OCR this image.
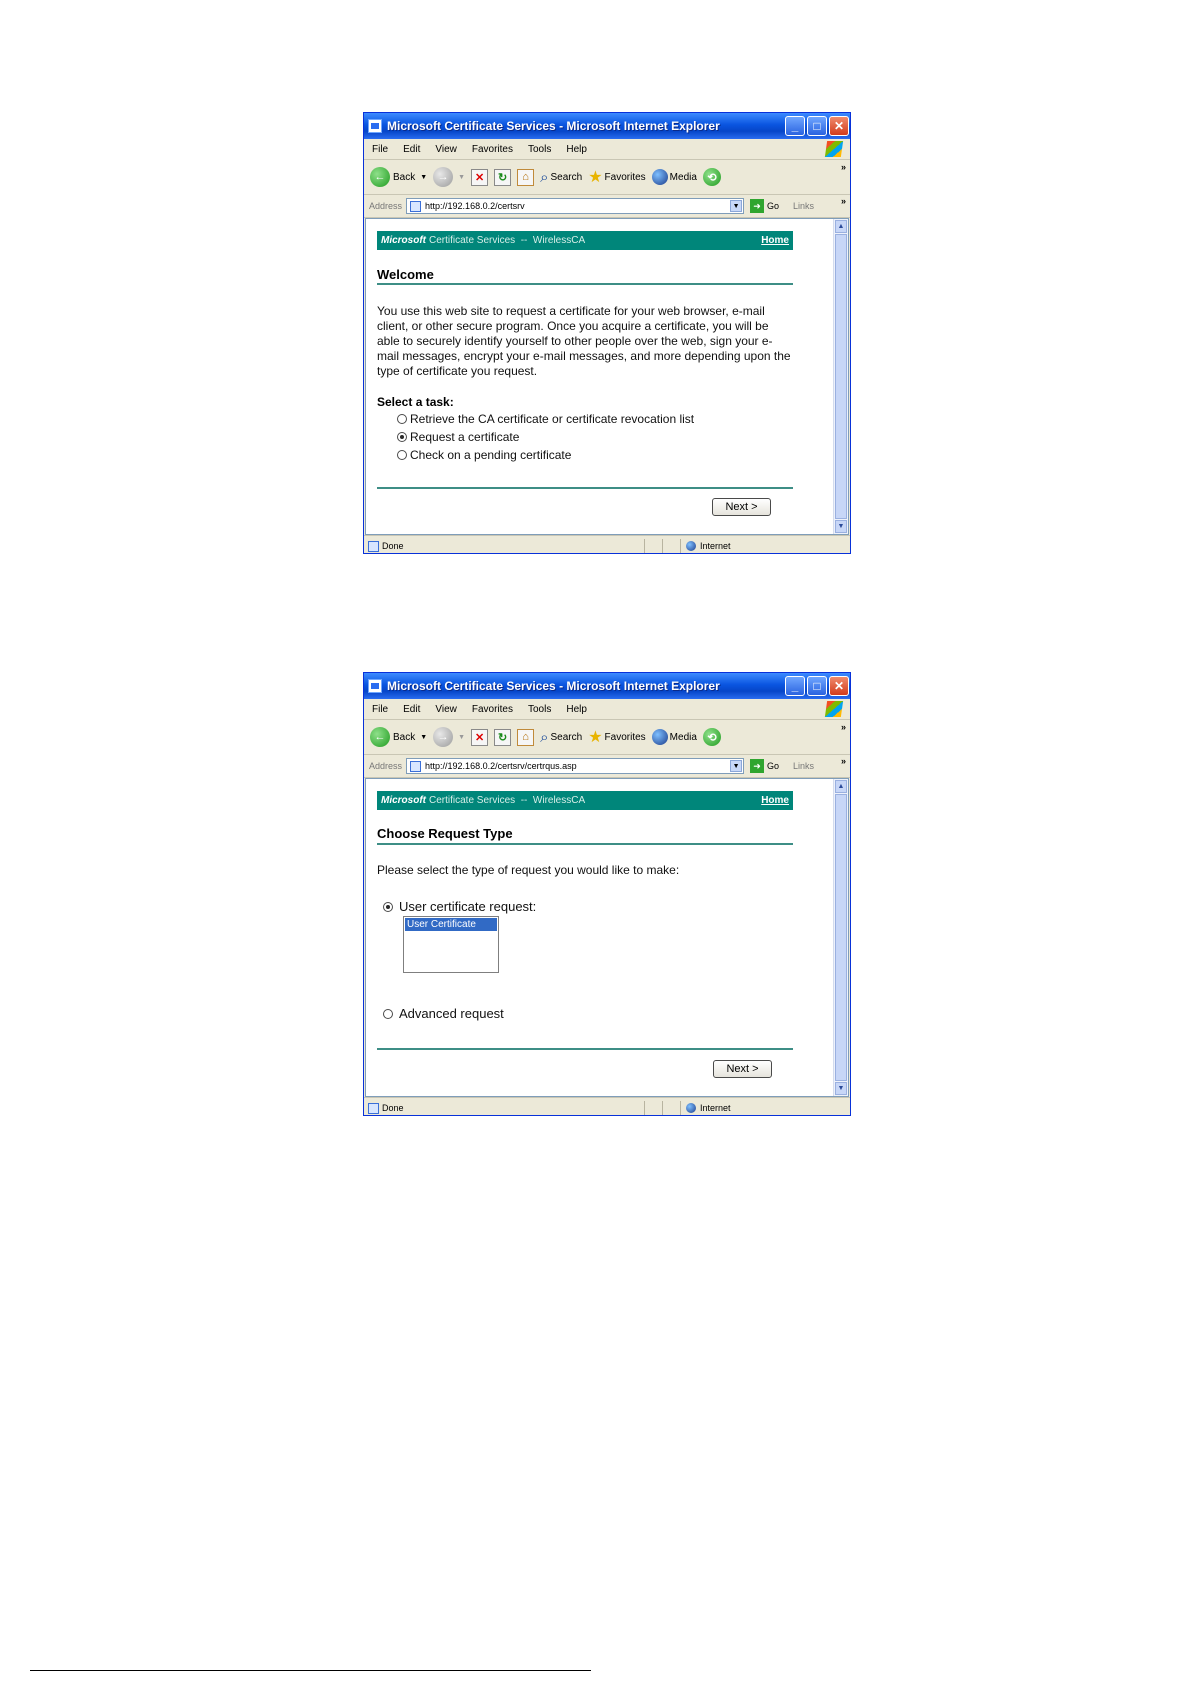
Microsoft Certificate Services - Microsoft Internet Explorer	_	□	✕
File Edit View Favorites Tools Help
← Back ▼ →	▼ ✕	↻	⌂ ⌕ Search ★ Favorites Media ⟲
»
Address	http://192.168.0.2/certsrv	▼	➜ Go Links	»
Microsoft Certificate Services  --  WirelessCA	Home
Welcome
You use this web site to request a certificate for your web browser, e-mail client, or other secure program. Once you acquire a certificate, you will be able to securely identify yourself to other people over the web, sign your e-mail messages, encrypt your e-mail messages, and more depending upon the type of certificate you request.
Select a task:
Retrieve the CA certificate or certificate revocation list
Request a certificate
Check on a pending certificate
Next >
▲
▼
Done	Internet
Microsoft Certificate Services - Microsoft Internet Explorer	_	□	✕
File Edit View Favorites Tools Help
← Back ▼ →	▼ ✕	↻	⌂ ⌕ Search ★ Favorites Media ⟲
»
Address	http://192.168.0.2/certsrv/certrqus.asp	▼	➜ Go Links	»
Microsoft Certificate Services  --  WirelessCA	Home
Choose Request Type
Please select the type of request you would like to make:
User certificate request:
User Certificate
Advanced request
Next >
▲
▼
Done	Internet
